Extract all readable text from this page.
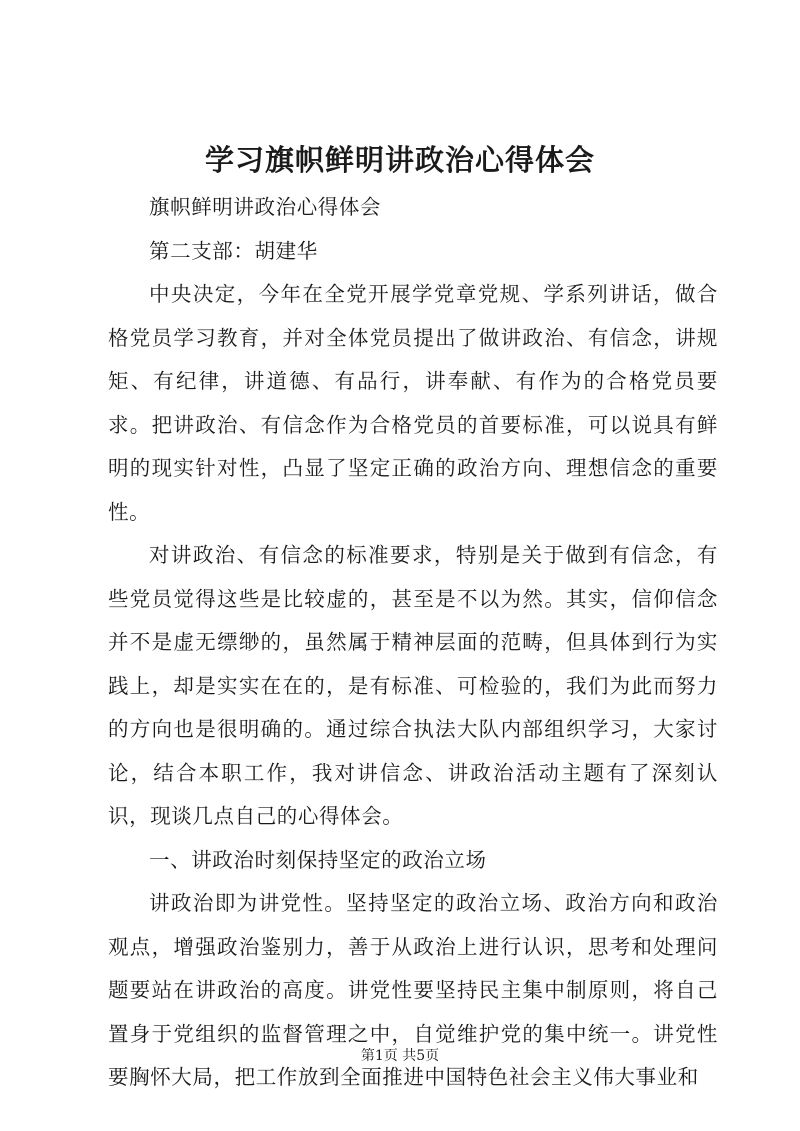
学习旗帜鲜明讲政治心得体会

旗帜鲜明讲政治心得体会

第二支部：胡建华

中央决定，今年在全党开展学党章党规、学系列讲话，做合格党员学习教育，并对全体党员提出了做讲政治、有信念，讲规矩、有纪律，讲道德、有品行，讲奉献、有作为的合格党员要求。把讲政治、有信念作为合格党员的首要标准，可以说具有鲜明的现实针对性，凸显了坚定正确的政治方向、理想信念的重要性。

对讲政治、有信念的标准要求，特别是关于做到有信念，有些党员觉得这些是比较虚的，甚至是不以为然。其实，信仰信念并不是虚无缥缈的，虽然属于精神层面的范畴，但具体到行为实践上，却是实实在在的，是有标准、可检验的，我们为此而努力的方向也是很明确的。通过综合执法大队内部组织学习，大家讨论，结合本职工作，我对讲信念、讲政治活动主题有了深刻认识，现谈几点自己的心得体会。

一、讲政治时刻保持坚定的政治立场

讲政治即为讲党性。坚持坚定的政治立场、政治方向和政治观点，增强政治鉴别力，善于从政治上进行认识，思考和处理问题要站在讲政治的高度。讲党性要坚持民主集中制原则，将自己置身于党组织的监督管理之中，自觉维护党的集中统一。讲党性要胸怀大局，把工作放到全面推进中国特色社会主义伟大事业和

第1页 共5页
